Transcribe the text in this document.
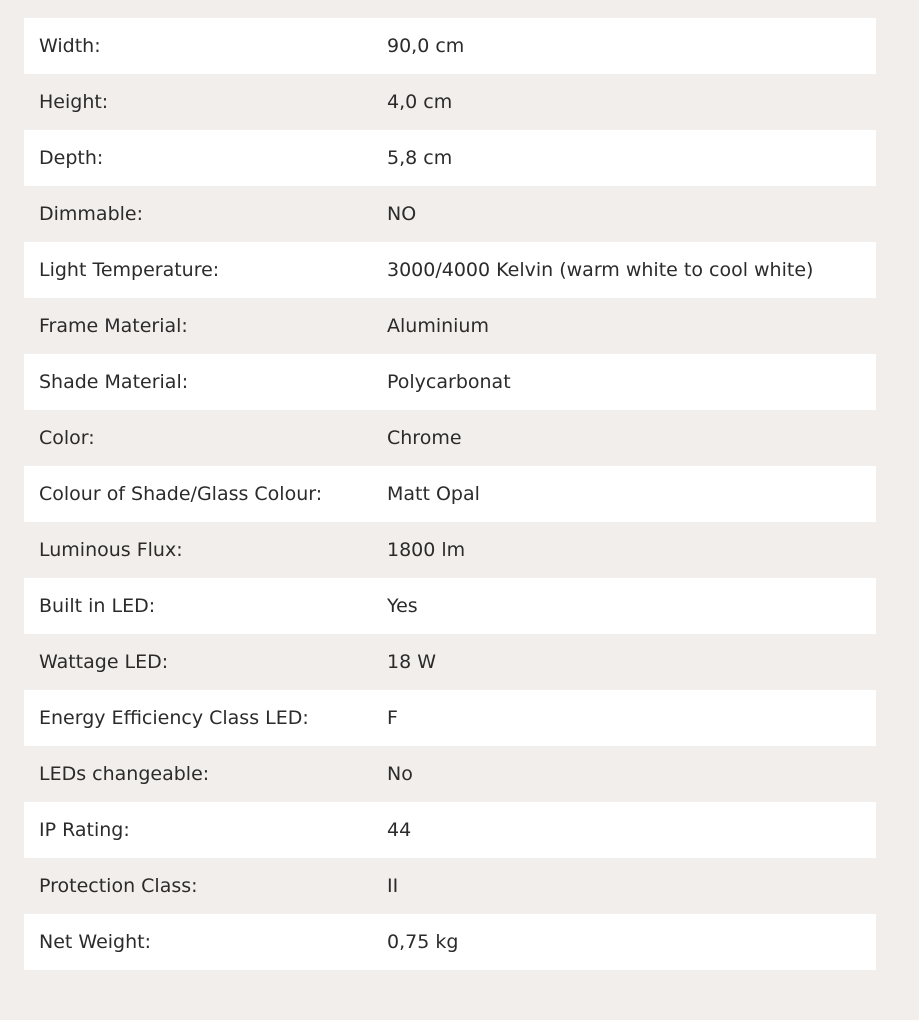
Width:	90,0 cm
Height:	4,0 cm
Depth:	5,8 cm
Dimmable:	NO
Light Temperature:	3000/4000 Kelvin (warm white to cool white)
Frame Material:	Aluminium
Shade Material:	Polycarbonat
Color:	Chrome
Colour of Shade/Glass Colour:	Matt Opal
Luminous Flux:	1800 lm
Built in LED:	Yes
Wattage LED:	18 W
Energy Efficiency Class LED:	F
LEDs changeable:	No
IP Rating:	44
Protection Class:	II
Net Weight:	0,75 kg
